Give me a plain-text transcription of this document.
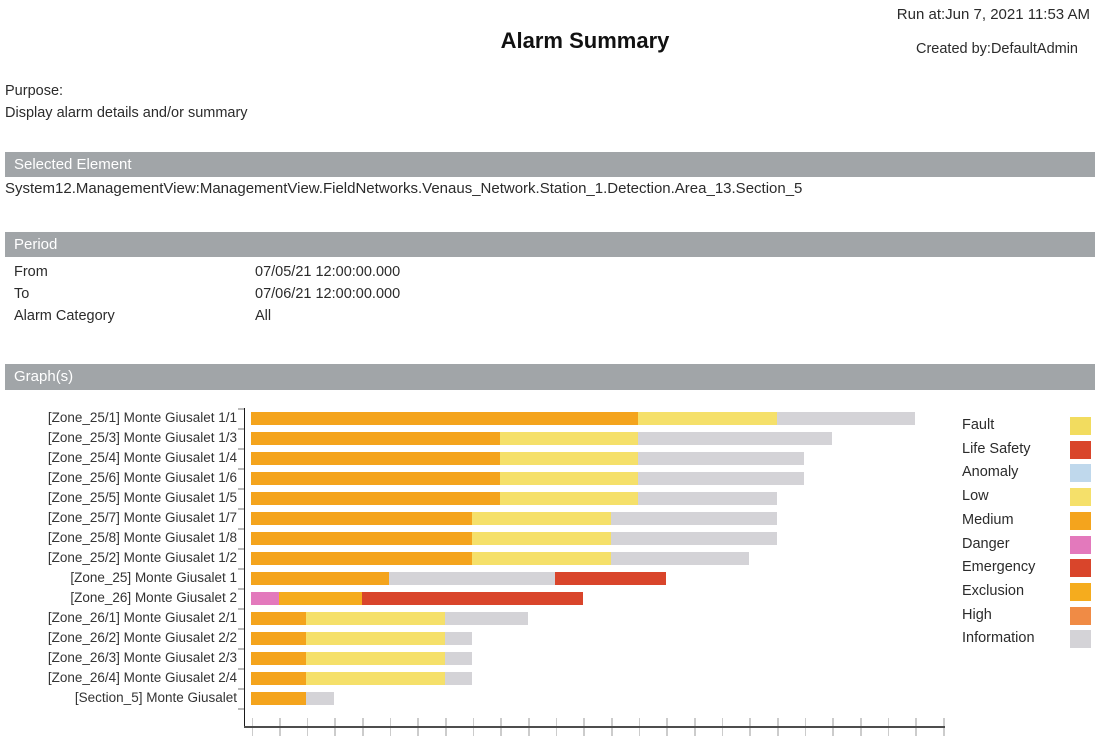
Run at:Jun 7, 2021 11:53 AM
Alarm Summary	Created by:DefaultAdmin
Purpose:
Display alarm details and/or summary
Selected Element
System12.ManagementView:ManagementView.FieldNetworks.Venaus_Network.Station_1.Detection.Area_13.Section_5
Period
From	07/05/21 12:00:00.000
To	07/06/21 12:00:00.000
Alarm Category	All
Graph(s)
[Zone_25/1] Monte Giusalet 1/1
[Zone_25/3] Monte Giusalet 1/3
[Zone_25/4] Monte Giusalet 1/4
[Zone_25/6] Monte Giusalet 1/6
[Zone_25/5] Monte Giusalet 1/5
[Zone_25/7] Monte Giusalet 1/7
[Zone_25/8] Monte Giusalet 1/8
[Zone_25/2] Monte Giusalet 1/2
[Zone_25] Monte Giusalet 1
[Zone_26] Monte Giusalet 2
[Zone_26/1] Monte Giusalet 2/1
[Zone_26/2] Monte Giusalet 2/2
[Zone_26/3] Monte Giusalet 2/3
[Zone_26/4] Monte Giusalet 2/4
[Section_5] Monte Giusalet
Fault
Life Safety
Anomaly
Low
Medium
Danger
Emergency
Exclusion
High
Information
